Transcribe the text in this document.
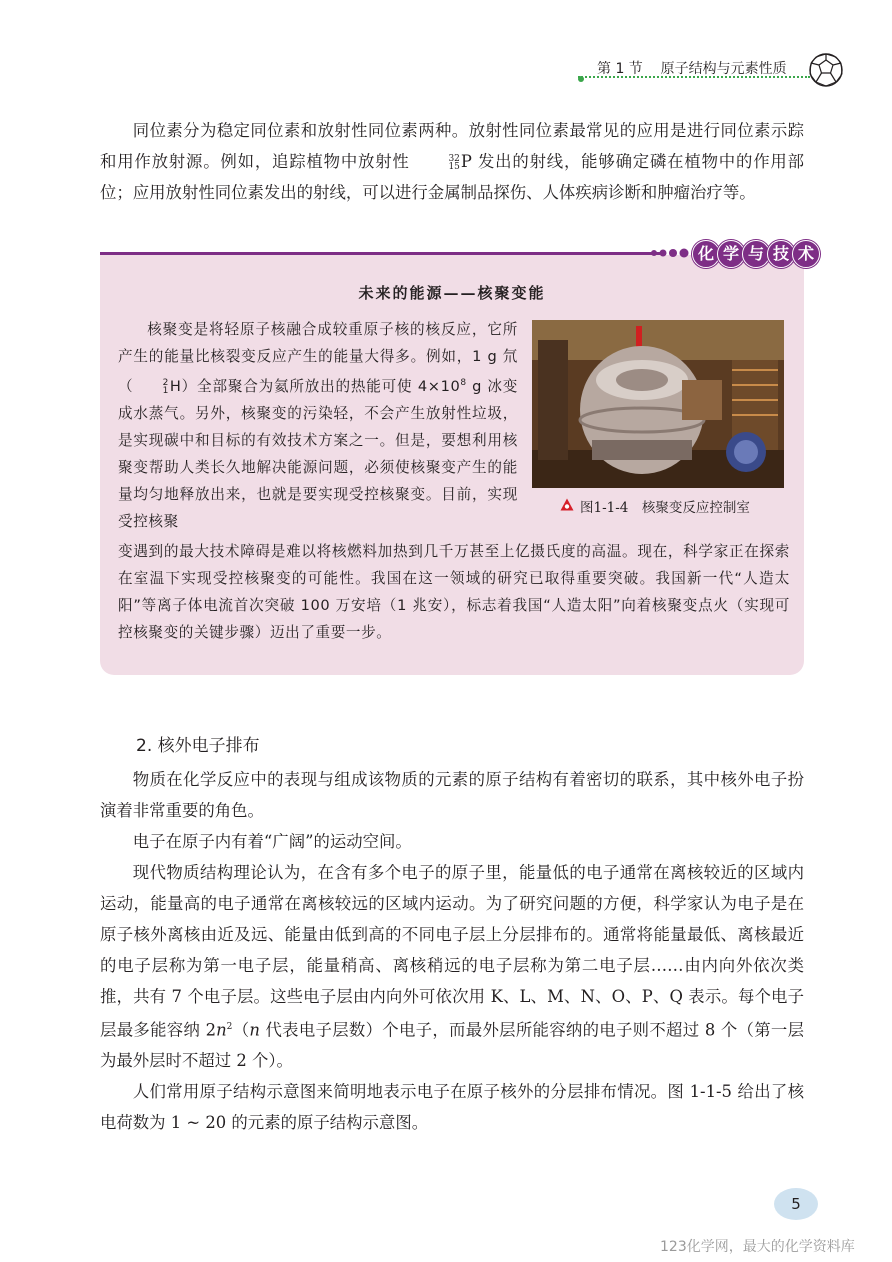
第 1 节 原子结构与元素性质

同位素分为稳定同位素和放射性同位素两种。放射性同位素最常见的应用是进行同位素示踪和用作放射源。例如，追踪植物中放射性	32
15P 发出的射线，能够确定磷在植物中的作用部位；应用放射性同位素发出的射线，可以进行金属制品探伤、人体疾病诊断和肿瘤治疗等。

化 学 与 技 术
未来的能源——核聚变能

核聚变是将轻原子核融合成较重原子核的核反应，它所产生的能量比核裂变反应产生的能量大得多。例如，1 g 氘（	2
1H）全部聚合为氦所放出的热能可使 $4\times 10^8$ g 冰变成水蒸气。另外，核聚变的污染轻，不会产生放射性垃圾，是实现碳中和目标的有效技术方案之一。但是，要想利用核聚变帮助人类长久地解决能源问题，必须使核聚变产生的能量均匀地释放出来，也就是要实现受控核聚变。目前，实现受控核聚

图1-1-4　核聚变反应控制室

变遇到的最大技术障碍是难以将核燃料加热到几千万甚至上亿摄氏度的高温。现在，科学家正在探索在室温下实现受控核聚变的可能性。我国在这一领域的研究已取得重要突破。我国新一代“人造太阳”等离子体电流首次突破 100 万安培（1 兆安），标志着我国“人造太阳”向着核聚变点火（实现可控核聚变的关键步骤）迈出了重要一步。

2. 核外电子排布

物质在化学反应中的表现与组成该物质的元素的原子结构有着密切的联系，其中核外电子扮演着非常重要的角色。

电子在原子内有着“广阔”的运动空间。

现代物质结构理论认为，在含有多个电子的原子里，能量低的电子通常在离核较近的区域内运动，能量高的电子通常在离核较远的区域内运动。为了研究问题的方便，科学家认为电子是在原子核外离核由近及远、能量由低到高的不同电子层上分层排布的。通常将能量最低、离核最近的电子层称为第一电子层，能量稍高、离核稍远的电子层称为第二电子层……由内向外依次类推，共有 7 个电子层。这些电子层由内向外可依次用 K、L、M、N、O、P、Q 表示。每个电子层最多能容纳 $2n^2(n$ 代表电子层数）个电子，而最外层所能容纳的电子则不超过 8 个（第一层为最外层时不超过 2 个）。

人们常用原子结构示意图来简明地表示电子在原子核外的分层排布情况。图 1-1-5 给出了核电荷数为 1 ~ 20 的元素的原子结构示意图。

5
123化学网，最大的化学资料库
